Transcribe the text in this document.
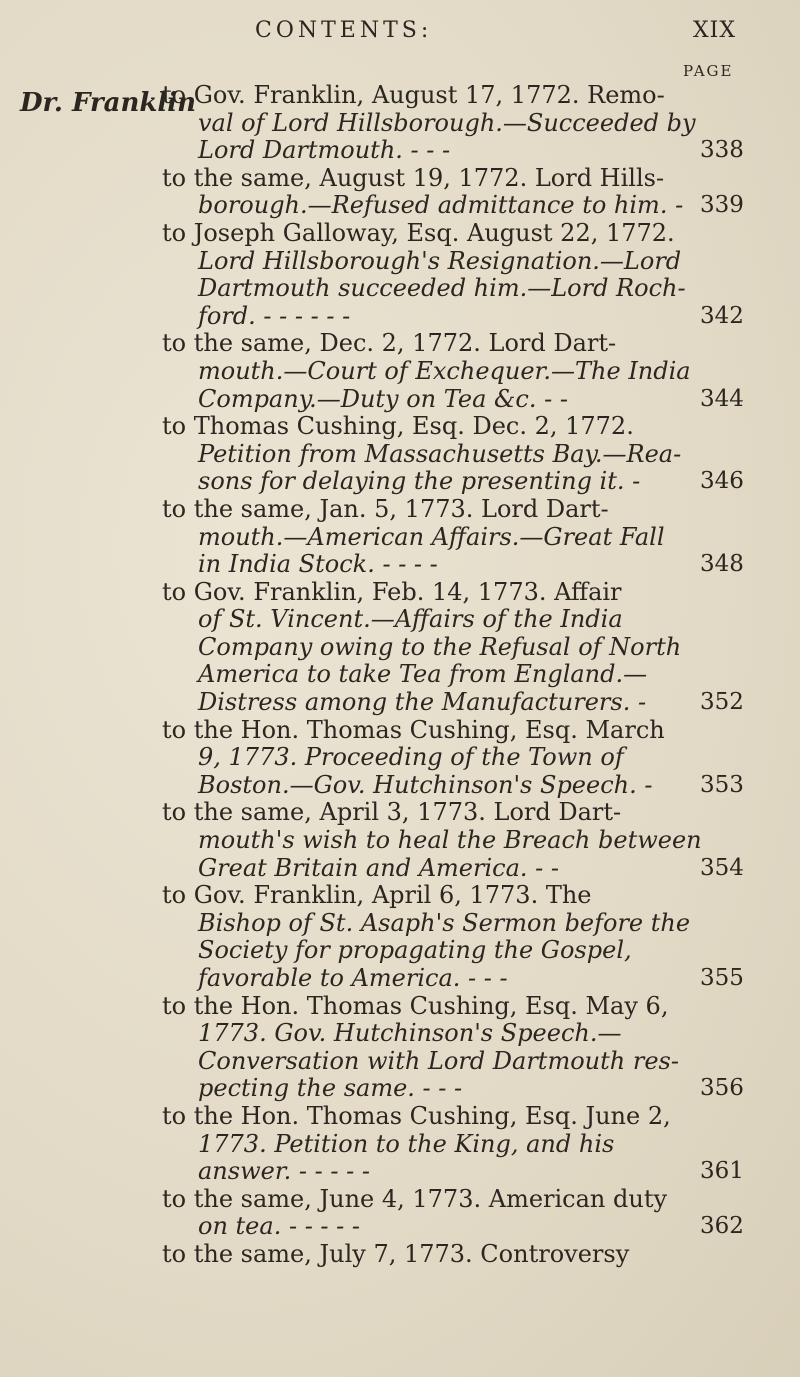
CONTENTS:	XIX
PAGE
Dr. Franklin
to Gov. Franklin, August 17, 1772. Remo-
val of Lord Hillsborough.—Succeeded by
Lord Dartmouth. - - -	338
to the same, August 19, 1772. Lord Hills-
borough.—Refused admittance to him. - 339
to Joseph Galloway, Esq. August 22, 1772.
Lord Hillsborough's Resignation.—Lord
Dartmouth succeeded him.—Lord Roch-
ford. - - - - - -	342
to the same, Dec. 2, 1772. Lord Dart-
mouth.—Court of Exchequer.—The India
Company.—Duty on Tea &c. - -	344
to Thomas Cushing, Esq. Dec. 2, 1772.
Petition from Massachusetts Bay.—Rea-
sons for delaying the presenting it. -	346
to the same, Jan. 5, 1773. Lord Dart-
mouth.—American Affairs.—Great Fall
in India Stock. - - - -	348
to Gov. Franklin, Feb. 14, 1773. Affair
of St. Vincent.—Affairs of the India
Company owing to the Refusal of North
America to take Tea from England.—
Distress among the Manufacturers. - 352
to the Hon. Thomas Cushing, Esq. March
9, 1773. Proceeding of the Town of
Boston.—Gov. Hutchinson's Speech. - 353
to the same, April 3, 1773. Lord Dart-
mouth's wish to heal the Breach between
Great Britain and America. - -	354
to Gov. Franklin, April 6, 1773. The
Bishop of St. Asaph's Sermon before the
Society for propagating the Gospel,
favorable to America. - - -	355
to the Hon. Thomas Cushing, Esq. May 6,
1773. Gov. Hutchinson's Speech.—
Conversation with Lord Dartmouth res-
pecting the same. - - -	356
to the Hon. Thomas Cushing, Esq. June 2,
1773. Petition to the King, and his
answer. - - - - -	361
to the same, June 4, 1773. American duty
on tea. - - - - -	362
to the same, July 7, 1773. Controversy
